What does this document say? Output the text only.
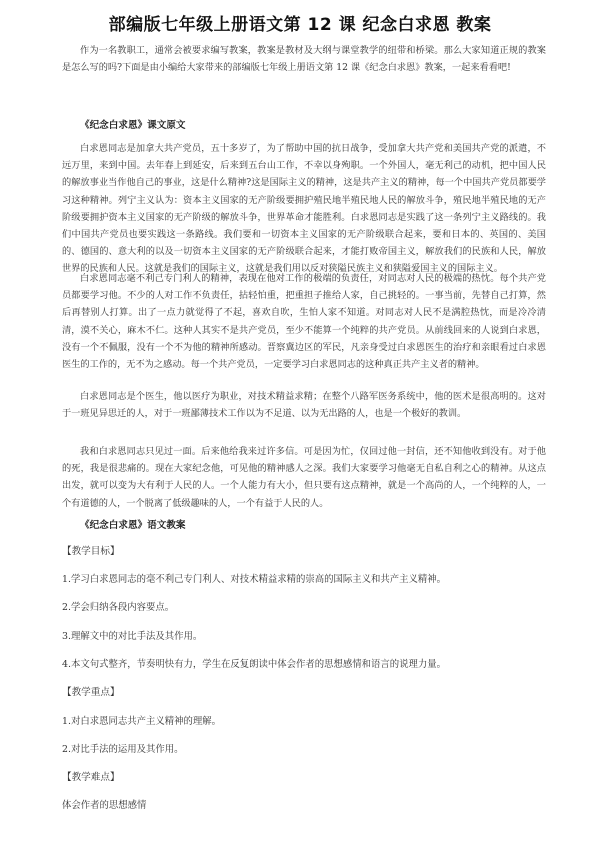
部编版七年级上册语文第 12 课 纪念白求恩 教案

作为一名教职工，通常会被要求编写教案，教案是教材及大纲与课堂教学的纽带和桥梁。那么大家知道正规的教案是怎么写的吗?下面是由小编给大家带来的部编版七年级上册语文第 12 课《纪念白求恩》教案，一起来看看吧!

《纪念白求恩》课文原文

白求恩同志是加拿大共产党员，五十多岁了，为了帮助中国的抗日战争，受加拿大共产党和美国共产党的派遣，不远万里，来到中国。去年春上到延安，后来到五台山工作，不幸以身殉职。一个外国人，毫无利己的动机，把中国人民的解放事业当作他自己的事业，这是什么精神?这是国际主义的精神，这是共产主义的精神，每一个中国共产党员都要学习这种精神。列宁主义认为：资本主义国家的无产阶级要拥护殖民地半殖民地人民的解放斗争，殖民地半殖民地的无产阶级要拥护资本主义国家的无产阶级的解放斗争，世界革命才能胜利。白求恩同志是实践了这一条列宁主义路线的。我们中国共产党员也要实践这一条路线。我们要和一切资本主义国家的无产阶级联合起来，要和日本的、英国的、美国的、德国的、意大利的以及一切资本主义国家的无产阶级联合起来，才能打败帝国主义，解放我们的民族和人民，解放世界的民族和人民。这就是我们的国际主义，这就是我们用以反对狭隘民族主义和狭隘爱国主义的国际主义。

白求恩同志毫不利己专门利人的精神，表现在他对工作的极端的负责任，对同志对人民的极端的热忱。每个共产党员都要学习他。不少的人对工作不负责任，拈轻怕重，把重担子推给人家，自己挑轻的。一事当前，先替自己打算，然后再替别人打算。出了一点力就觉得了不起，喜欢自吹，生怕人家不知道。对同志对人民不是满腔热忱，而是冷冷清清，漠不关心，麻木不仁。这种人其实不是共产党员，至少不能算一个纯粹的共产党员。从前线回来的人说到白求恩，没有一个不佩服，没有一个不为他的精神所感动。晋察冀边区的军民，凡亲身受过白求恩医生的治疗和亲眼看过白求恩医生的工作的，无不为之感动。每一个共产党员，一定要学习白求恩同志的这种真正共产主义者的精神。

白求恩同志是个医生，他以医疗为职业，对技术精益求精；在整个八路军医务系统中，他的医术是很高明的。这对于一班见异思迁的人，对于一班鄙薄技术工作以为不足道、以为无出路的人，也是一个极好的教训。

我和白求恩同志只见过一面。后来他给我来过许多信。可是因为忙，仅回过他一封信，还不知他收到没有。对于他的死，我是很悲痛的。现在大家纪念他，可见他的精神感人之深。我们大家要学习他毫无自私自利之心的精神。从这点出发，就可以变为大有利于人民的人。一个人能力有大小，但只要有这点精神，就是一个高尚的人，一个纯粹的人，一个有道德的人，一个脱离了低级趣味的人，一个有益于人民的人。

《纪念白求恩》语文教案
【教学目标】
1.学习白求恩同志的毫不利己专门利人、对技术精益求精的崇高的国际主义和共产主义精神。
2.学会归纳各段内容要点。
3.理解文中的对比手法及其作用。
4.本文句式整齐，节奏明快有力，学生在反复朗读中体会作者的思想感情和语言的说理力量。
【教学重点】
1.对白求恩同志共产主义精神的理解。
2.对比手法的运用及其作用。
【教学难点】
体会作者的思想感情
